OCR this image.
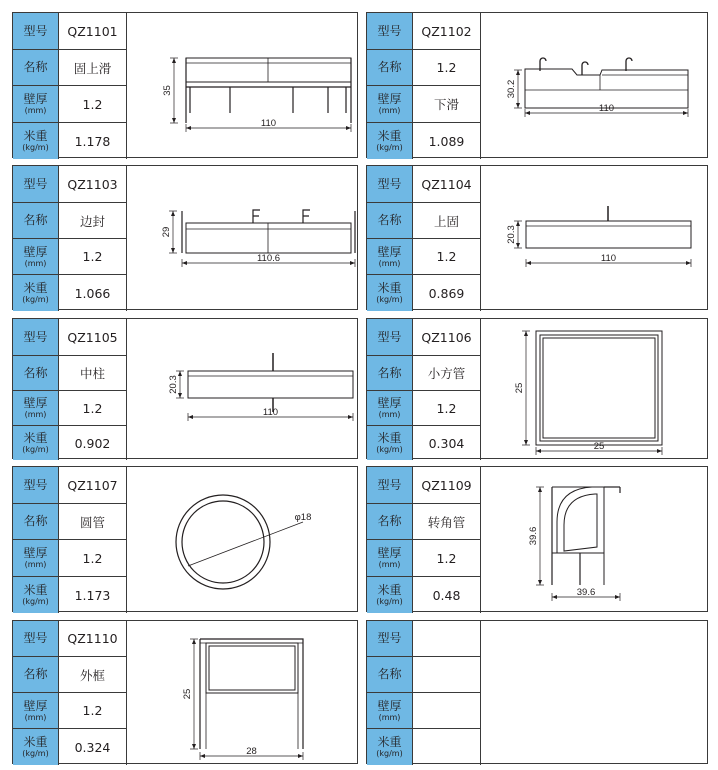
型号	QZ1101
名称	固上滑
壁厚
(mm)	1.2
米重
(kg/m)	1.178
35
110
型号	QZ1102
名称	1.2
壁厚
(mm)	下滑
米重
(kg/m)	1.089
30.2
110
型号	QZ1103
名称	边封
壁厚
(mm)	1.2
米重
(kg/m)	1.066
29
110.6
型号	QZ1104
名称	上固
壁厚
(mm)	1.2
米重
(kg/m)	0.869
20.3
110
型号	QZ1105
名称	中柱
壁厚
(mm)	1.2
米重
(kg/m)	0.902
20.3
110
型号	QZ1106
名称	小方管
壁厚
(mm)	1.2
米重
(kg/m)	0.304
25
25
型号	QZ1107
名称	圆管
壁厚
(mm)	1.2
米重
(kg/m)	1.173
φ18
型号	QZ1109
名称	转角管
壁厚
(mm)	1.2
米重
(kg/m)	0.48
39.6
39.6
型号	QZ1110
名称	外框
壁厚
(mm)	1.2
米重
(kg/m)	0.324
25
28
型号
名称
壁厚
(mm)
米重
(kg/m)
